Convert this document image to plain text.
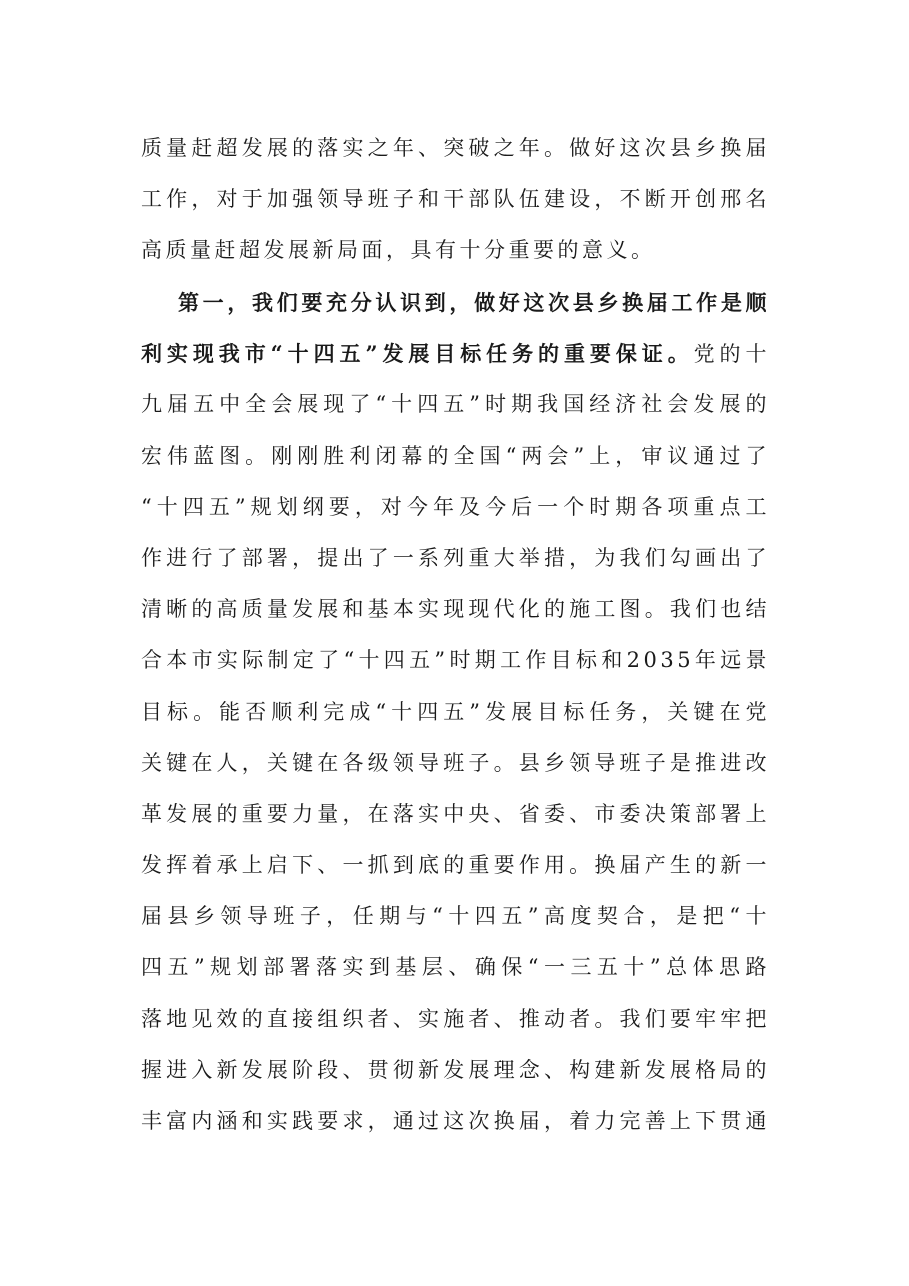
质量赶超发展的落实之年、突破之年。做好这次县乡换届
工作，对于加强领导班子和干部队伍建设，不断开创邢名
高质量赶超发展新局面，具有十分重要的意义。
第一，我们要充分认识到，做好这次县乡换届工作是顺
利实现我市“十四五”发展目标任务的重要保证。党的十
九届五中全会展现了“十四五”时期我国经济社会发展的
宏伟蓝图。刚刚胜利闭幕的全国“两会”上，审议通过了
“十四五”规划纲要，对今年及今后一个时期各项重点工
作进行了部署，提出了一系列重大举措，为我们勾画出了
清晰的高质量发展和基本实现现代化的施工图。我们也结
合本市实际制定了“十四五”时期工作目标和2035年远景
目标。能否顺利完成“十四五”发展目标任务，关键在党
关键在人，关键在各级领导班子。县乡领导班子是推进改
革发展的重要力量，在落实中央、省委、市委决策部署上
发挥着承上启下、一抓到底的重要作用。换届产生的新一
届县乡领导班子，任期与“十四五”高度契合，是把“十
四五”规划部署落实到基层、确保“一三五十”总体思路
落地见效的直接组织者、实施者、推动者。我们要牢牢把
握进入新发展阶段、贯彻新发展理念、构建新发展格局的
丰富内涵和实践要求，通过这次换届，着力完善上下贯通
